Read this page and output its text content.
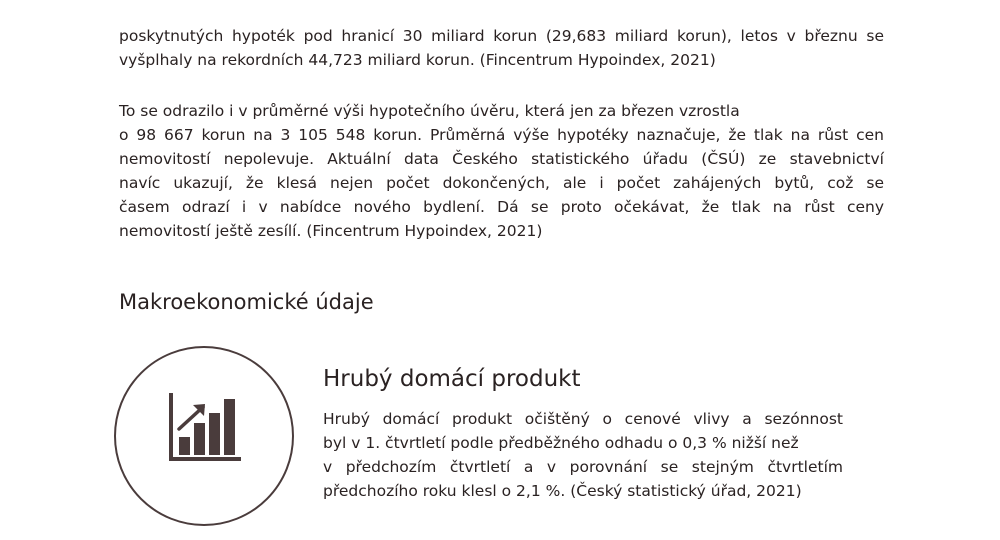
poskytnutých hypoték pod hranicí 30 miliard korun (29,683 miliard korun), letos v březnu se
vyšplhaly na rekordních 44,723 miliard korun. (Fincentrum Hypoindex, 2021)
To se odrazilo i v průměrné výši hypotečního úvěru, která jen za březen vzrostla
o 98 667 korun na 3 105 548 korun. Průměrná výše hypotéky naznačuje, že tlak na růst cen
nemovitostí nepolevuje. Aktuální data Českého statistického úřadu (ČSÚ) ze stavebnictví
navíc ukazují, že klesá nejen počet dokončených, ale i počet zahájených bytů, což se
časem odrazí i v nabídce nového bydlení. Dá se proto očekávat, že tlak na růst ceny
nemovitostí ještě zesílí. (Fincentrum Hypoindex, 2021)
Makroekonomické údaje
Hrubý domácí produkt
Hrubý domácí produkt očištěný o cenové vlivy a sezónnost
byl v 1. čtvrtletí podle předběžného odhadu o 0,3 % nižší než
v předchozím čtvrtletí a v porovnání se stejným čtvrtletím
předchozího roku klesl o 2,1 %. (Český statistický úřad, 2021)
